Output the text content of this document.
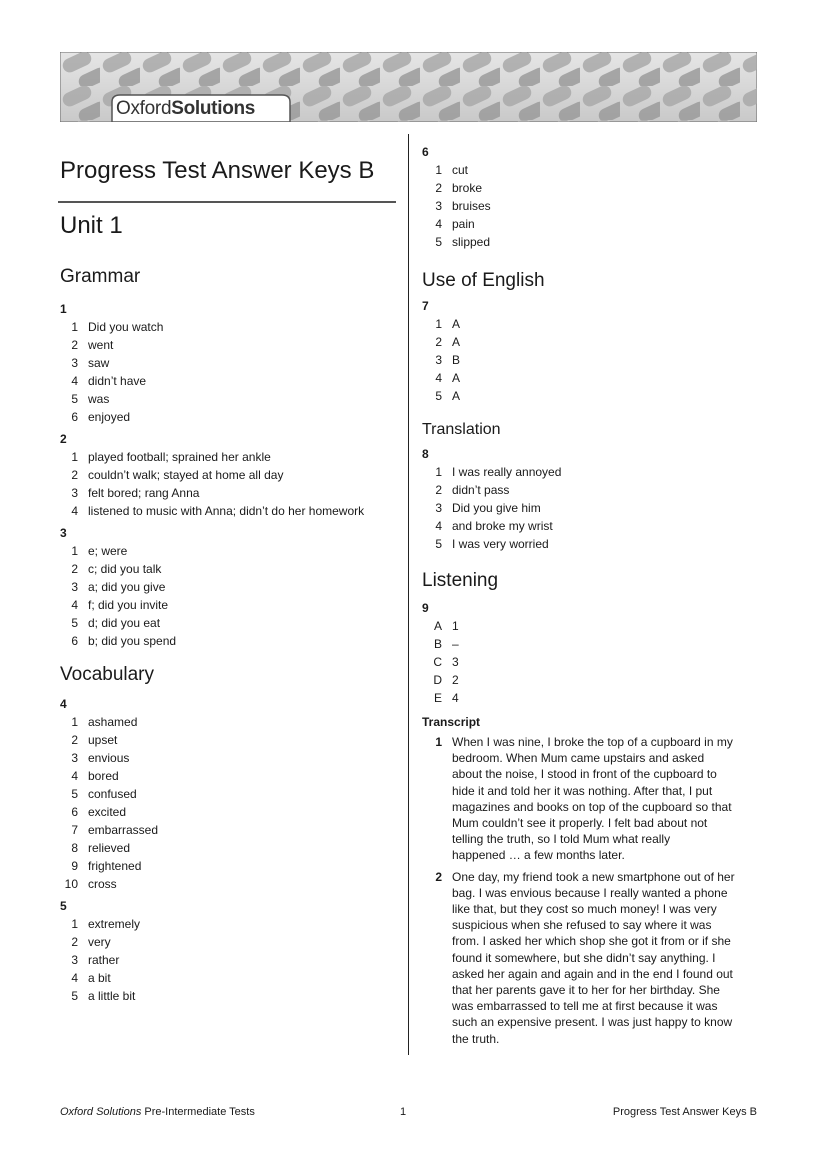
OxfordSolutions
Progress Test Answer Keys B
Unit 1
Grammar

1

1 Did you watch
2 went
3 saw
4 didn’t have
5 was
6 enjoyed

2

1 played football; sprained her ankle
2 couldn’t walk; stayed at home all day
3 felt bored; rang Anna
4 listened to music with Anna; didn’t do her homework

3

1 e; were
2 c; did you talk
3 a; did you give
4 f; did you invite
5 d; did you eat
6 b; did you spend
Vocabulary

4

1 ashamed
2 upset
3 envious
4 bored
5 confused
6 excited
7 embarrassed
8 relieved
9 frightened
10 cross

5

1 extremely
2 very
3 rather
4 a bit
5 a little bit

6

1 cut
2 broke
3 bruises
4 pain
5 slipped
Use of English

7

1 A
2 A
3 B
4 A
5 A
Translation

8

1 I was really annoyed
2 didn’t pass
3 Did you give him
4 and broke my wrist
5 I was very worried
Listening

9

A 1
B –
C 3
D 2
E 4

Transcript

1 When I was nine, I broke the top of a cupboard in my
bedroom. When Mum came upstairs and asked
about the noise, I stood in front of the cupboard to
hide it and told her it was nothing. After that, I put
magazines and books on top of the cupboard so that
Mum couldn’t see it properly. I felt bad about not
telling the truth, so I told Mum what really
happened … a few months later.
2 One day, my friend took a new smartphone out of her
bag. I was envious because I really wanted a phone
like that, but they cost so much money! I was very
suspicious when she refused to say where it was
from. I asked her which shop she got it from or if she
found it somewhere, but she didn’t say anything. I
asked her again and again and in the end I found out
that her parents gave it to her for her birthday. She
was embarrassed to tell me at first because it was
such an expensive present. I was just happy to know
the truth.
Oxford Solutions Pre-Intermediate Tests	1	Progress Test Answer Keys B
